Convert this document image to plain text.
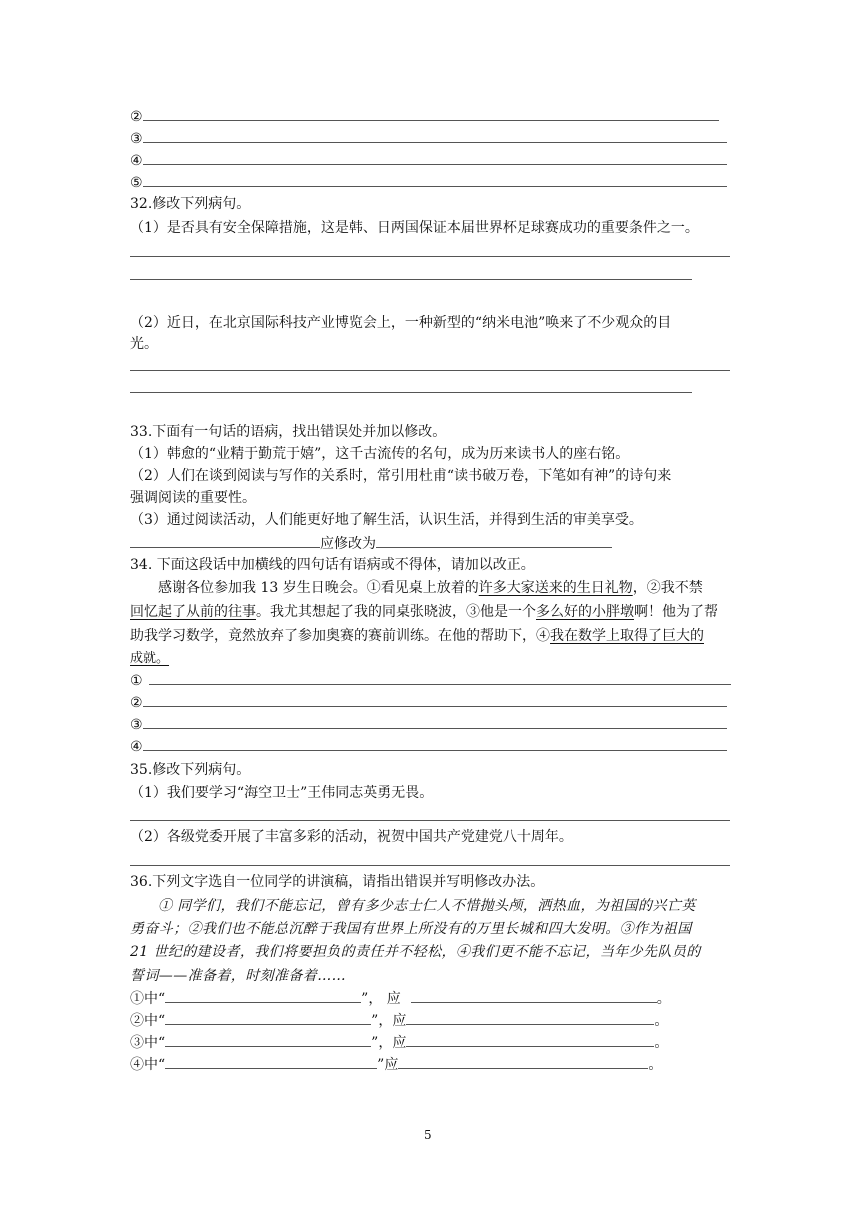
②
③
④
⑤
32.修改下列病句。
（1）是否具有安全保障措施，这是韩、日两国保证本届世界杯足球赛成功的重要条件之一。
（2）近日，在北京国际科技产业博览会上，一种新型的“纳米电池”唤来了不少观众的目
光。
33.下面有一句话的语病，找出错误处并加以修改。
（1）韩愈的“业精于勤荒于嬉”，这千古流传的名句，成为历来读书人的座右铭。
（2）人们在谈到阅读与写作的关系时，常引用杜甫“读书破万卷，下笔如有神”的诗句来
强调阅读的重要性。
（3）通过阅读活动，人们能更好地了解生活，认识生活，并得到生活的审美享受。
应修改为
34. 下面这段话中加横线的四句话有语病或不得体，请加以改正。
感谢各位参加我 13 岁生日晚会。①看见桌上放着的许多大家送来的生日礼物，②我不禁
回忆起了从前的往事。我尤其想起了我的同桌张晓波，③他是一个多么好的小胖墩啊！他为了帮
助我学习数学，竟然放弃了参加奥赛的赛前训练。在他的帮助下，④我在数学上取得了巨大的
成就。
①
②
③
④
35.修改下列病句。
（1）我们要学习“海空卫士”王伟同志英勇无畏。
（2）各级党委开展了丰富多彩的活动，祝贺中国共产党建党八十周年。
36.下列文字选自一位同学的讲演稿，请指出错误并写明修改办法。
① 同学们，我们不能忘记，曾有多少志士仁人不惜抛头颅，洒热血，为祖国的兴亡英
勇奋斗；②我们也不能总沉醉于我国有世界上所没有的万里长城和四大发明。③作为祖国
21 世纪的建设者，我们将要担负的责任并不轻松，④我们更不能不忘记，当年少先队员的
誓词——准备着，时刻准备着……
①中“	”， 应	。
②中“	”，应	。
③中“	”，应	。
④中“	”应	。
5
